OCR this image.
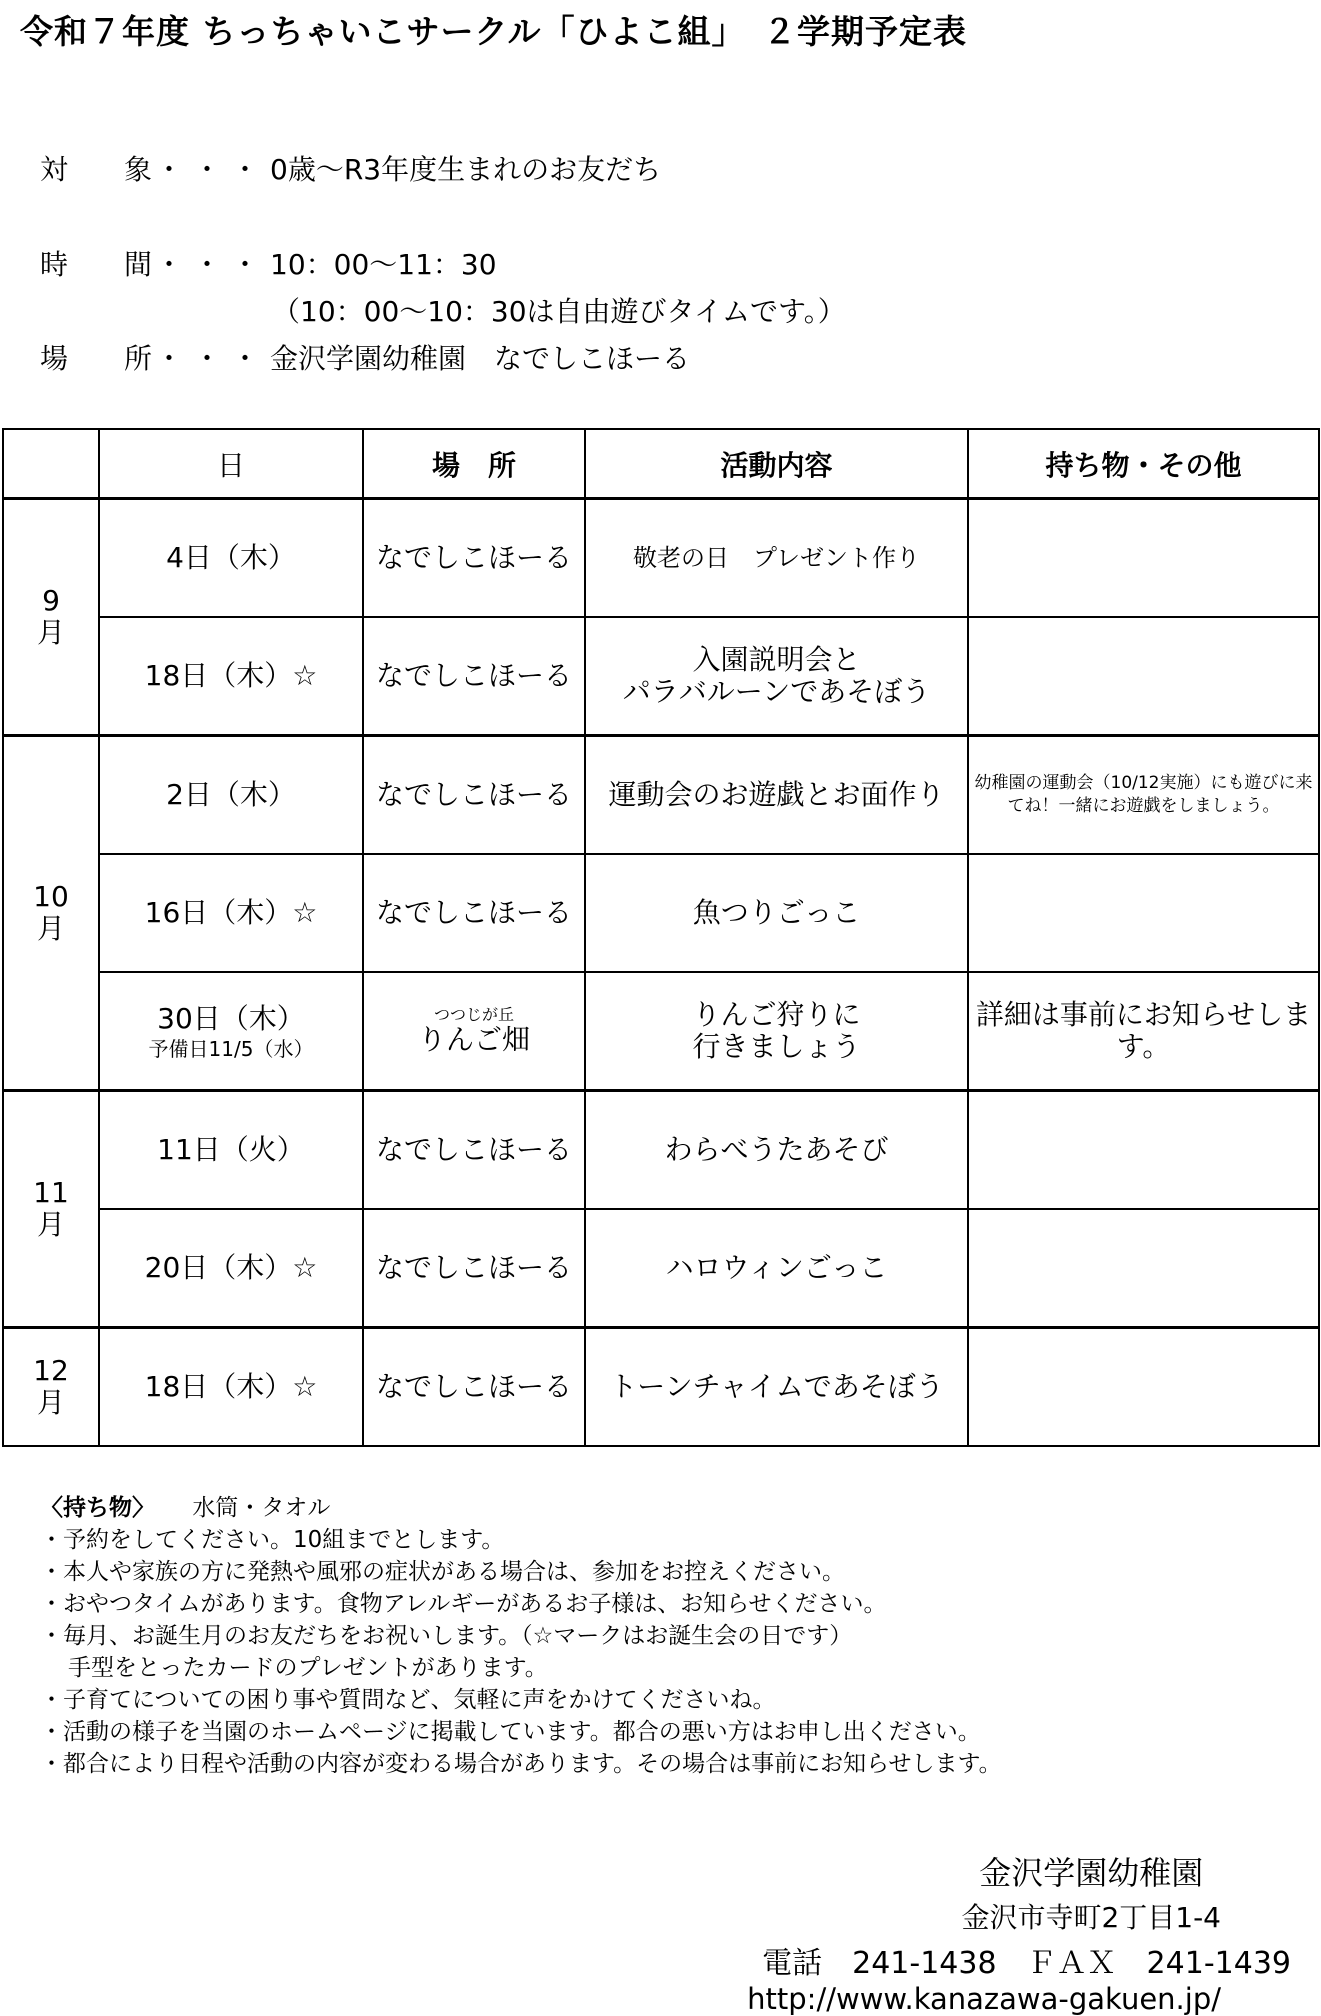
令和７年度 ちっちゃいこサークル「ひよこ組」　２学期予定表
対　象
・・・ 0歳～R3年度生まれのお友だち
時　間
・・・ 10：00～11：30
（10：00～10：30は自由遊びタイムです。）
場　所
・・・ 金沢学園幼稚園　なでしこほーる
	日	場　所	活動内容	持ち物・その他
9
月	4日（木）	なでしこほーる	敬老の日　プレゼント作り	
	18日（木）☆	なでしこほーる	入園説明会と
パラバルーンであそぼう	
10
月	2日（木）	なでしこほーる	運動会のお遊戯とお面作り	幼稚園の運動会（10/12実施）にも遊びに来てね！一緒にお遊戯をしましょう。
	16日（木）☆	なでしこほーる	魚つりごっこ	

	30日（木）
予備日11/5（水）	つつじが丘
りんご畑	りんご狩りに
行きましょう	詳細は事前にお知らせします。
11
月	11日（火）	なでしこほーる	わらべうたあそび	
	20日（木）☆	なでしこほーる	ハロウィンごっこ	
12
月	18日（木）☆	なでしこほーる	トーンチャイムであそぼう	
〈持ち物〉 水筒・タオル
・予約をしてください。10組までとします。
・本人や家族の方に発熱や風邪の症状がある場合は、参加をお控えください。
・おやつタイムがあります。食物アレルギーがあるお子様は、お知らせください。
・毎月、お誕生月のお友だちをお祝いします。（☆マークはお誕生会の日です）
手型をとったカードのプレゼントがあります。
・子育てについての困り事や質問など、気軽に声をかけてくださいね。
・活動の様子を当園のホームページに掲載しています。都合の悪い方はお申し出ください。
・都合により日程や活動の内容が変わる場合があります。その場合は事前にお知らせします。
金沢学園幼稚園
金沢市寺町2丁目1-4
電話　241-1438　ＦＡＸ　241-1439
http://www.kanazawa-gakuen.jp/
